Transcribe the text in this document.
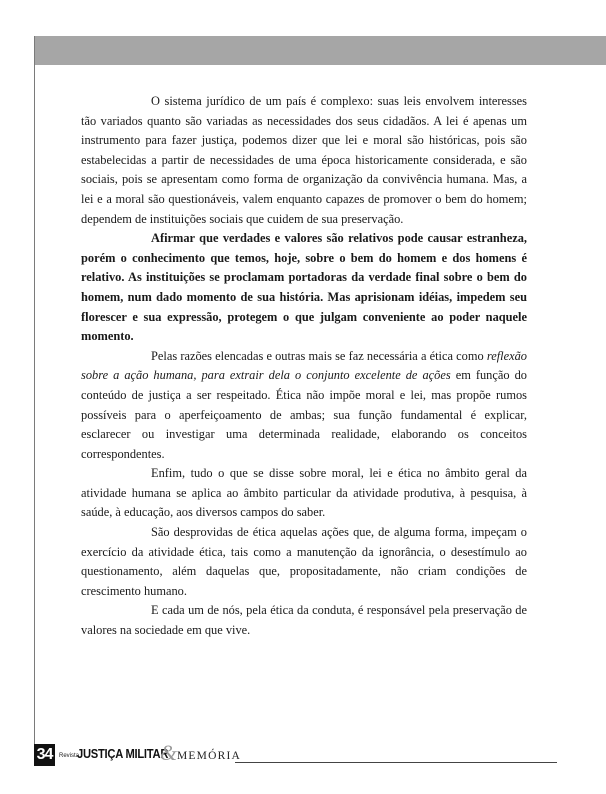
O sistema jurídico de um país é complexo: suas leis envolvem interesses tão variados quanto são variadas as necessidades dos seus cidadãos. A lei é apenas um instrumento para fazer justiça, podemos dizer que lei e moral são históricas, pois são estabelecidas a partir de necessidades de uma época historicamente considerada, e são sociais, pois se apresentam como forma de organização da convivência humana. Mas, a lei e a moral são questionáveis, valem enquanto capazes de promover o bem do homem; dependem de instituições sociais que cuidem de sua preservação.

Afirmar que verdades e valores são relativos pode causar estranheza, porém o conhecimento que temos, hoje, sobre o bem do homem e dos homens é relativo. As instituições se proclamam portadoras da verdade final sobre o bem do homem, num dado momento de sua história. Mas aprisionam idéias, impedem seu florescer e sua expressão, protegem o que julgam conveniente ao poder naquele momento.

Pelas razões elencadas e outras mais se faz necessária a ética como reflexão sobre a ação humana, para extrair dela o conjunto excelente de ações em função do conteúdo de justiça a ser respeitado. Ética não impõe moral e lei, mas propõe rumos possíveis para o aperfeiçoamento de ambas; sua função fundamental é explicar, esclarecer ou investigar uma determinada realidade, elaborando os conceitos correspondentes.

Enfim, tudo o que se disse sobre moral, lei e ética no âmbito geral da atividade humana se aplica ao âmbito particular da atividade produtiva, à pesquisa, à saúde, à educação, aos diversos campos do saber.

São desprovidas de ética aquelas ações que, de alguma forma, impeçam o exercício da atividade ética, tais como a manutenção da ignorância, o desestímulo ao questionamento, além daquelas que, propositadamente, não criam condições de crescimento humano.

E cada um de nós, pela ética da conduta, é responsável pela preservação de valores na sociedade em que vive.

34	Revista
JUSTIÇA MILITAR
& MEMÓRIA
